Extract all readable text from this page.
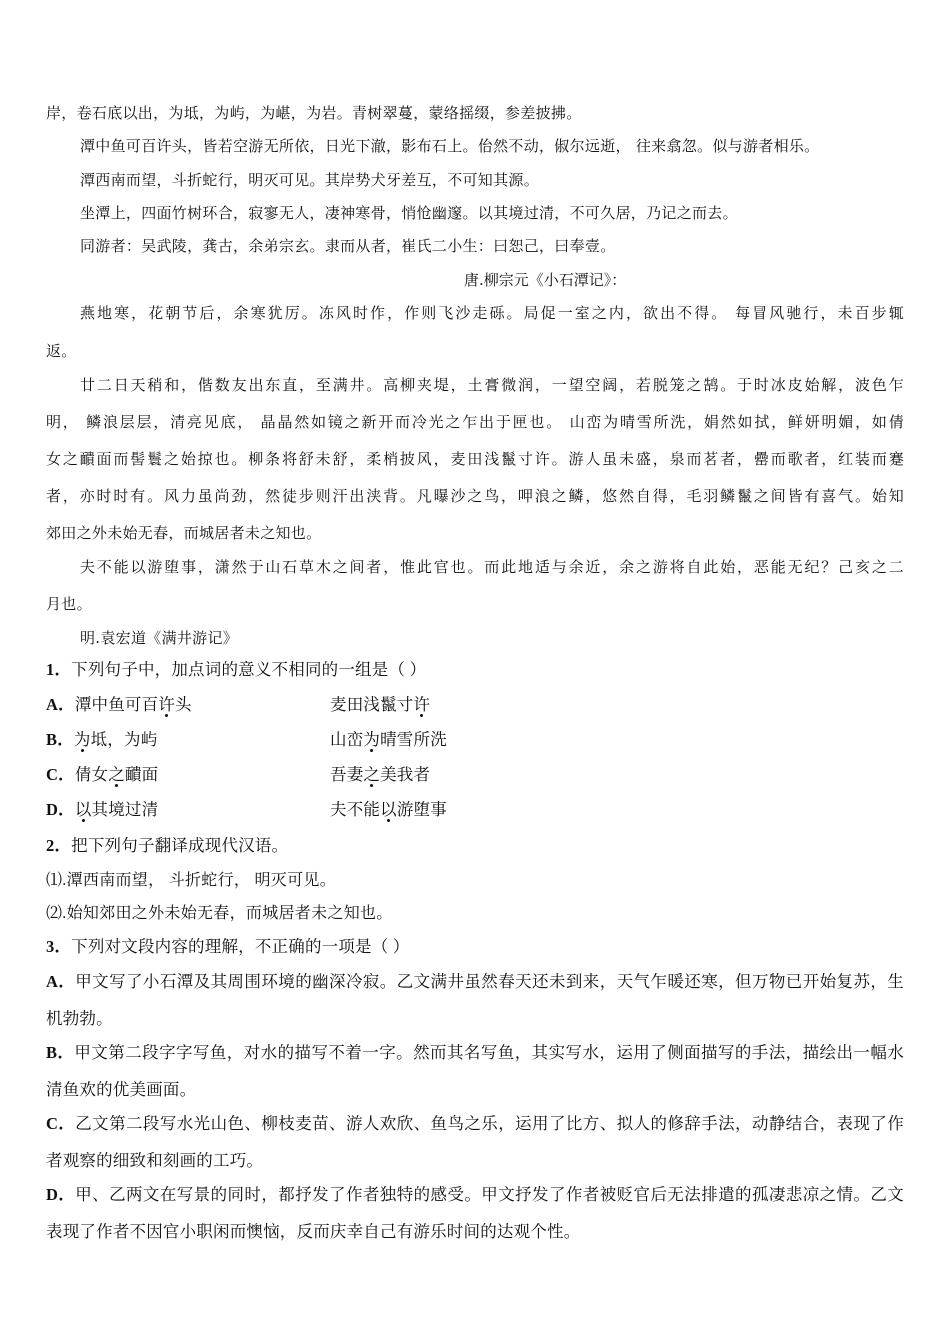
岸，卷石底以出，为坻，为屿，为嵁，为岩。青树翠蔓，蒙络摇缀，参差披拂。
潭中鱼可百许头，皆若空游无所依，日光下澈，影布石上。佁然不动，俶尔远逝， 往来翕忽。似与游者相乐。
潭西南而望，斗折蛇行，明灭可见。其岸势犬牙差互，不可知其源。
坐潭上，四面竹树环合，寂寥无人，凄神寒骨，悄怆幽邃。以其境过清，不可久居，乃记之而去。
同游者：吴武陵，龚古，余弟宗玄。隶而从者，崔氏二小生：曰恕己，曰奉壹。
唐.柳宗元《小石潭记》：
燕地寒，花朝节后，余寒犹厉。冻风时作，作则飞沙走砾。局促一室之内，欲出不得。 每冒风驰行，未百步辄
返。
廿二日天稍和，偕数友出东直，至满井。高柳夹堤，土膏微润，一望空阔，若脱笼之鹄。于时冰皮始解，波色乍
明， 鳞浪层层，清亮见底， 晶晶然如镜之新开而冷光之乍出于匣也。 山峦为晴雪所洗，娟然如拭，鲜妍明媚，如倩
女之靧面而髻鬟之始掠也。柳条将舒未舒，柔梢披风，麦田浅鬣寸许。游人虽未盛，泉而茗者，罍而歌者，红装而蹇
者，亦时时有。风力虽尚劲，然徒步则汗出浃背。凡曝沙之鸟，呷浪之鳞，悠然自得，毛羽鳞鬣之间皆有喜气。始知
郊田之外未始无春，而城居者未之知也。
夫不能以游堕事，潇然于山石草木之间者，惟此官也。而此地适与余近，余之游将自此始，恶能无纪？己亥之二
月也。
明.袁宏道《满井游记》
1．下列句子中，加点词的意义不相同的一组是（ ）
A．潭中鱼可百许头	麦田浅鬣寸许
B．为坻，为屿	山峦为晴雪所洗
C．倩女之靧面	吾妻之美我者
D．以其境过清	夫不能以游堕事
2．把下列句子翻译成现代汉语。
⑴.潭西南而望， 斗折蛇行， 明灭可见。
⑵.始知郊田之外未始无春，而城居者未之知也。
3．下列对文段内容的理解，不正确的一项是（ ）
A．甲文写了小石潭及其周围环境的幽深冷寂。乙文满井虽然春天还未到来，天气乍暖还寒，但万物已开始复苏，生
机勃勃。
B．甲文第二段字字写鱼，对水的描写不着一字。然而其名写鱼，其实写水，运用了侧面描写的手法，描绘出一幅水
清鱼欢的优美画面。
C．乙文第二段写水光山色、柳枝麦苗、游人欢欣、鱼鸟之乐，运用了比方、拟人的修辞手法，动静结合，表现了作
者观察的细致和刻画的工巧。
D．甲、乙两文在写景的同时，都抒发了作者独特的感受。甲文抒发了作者被贬官后无法排遣的孤凄悲凉之情。乙文
表现了作者不因官小职闲而懊恼，反而庆幸自己有游乐时间的达观个性。
